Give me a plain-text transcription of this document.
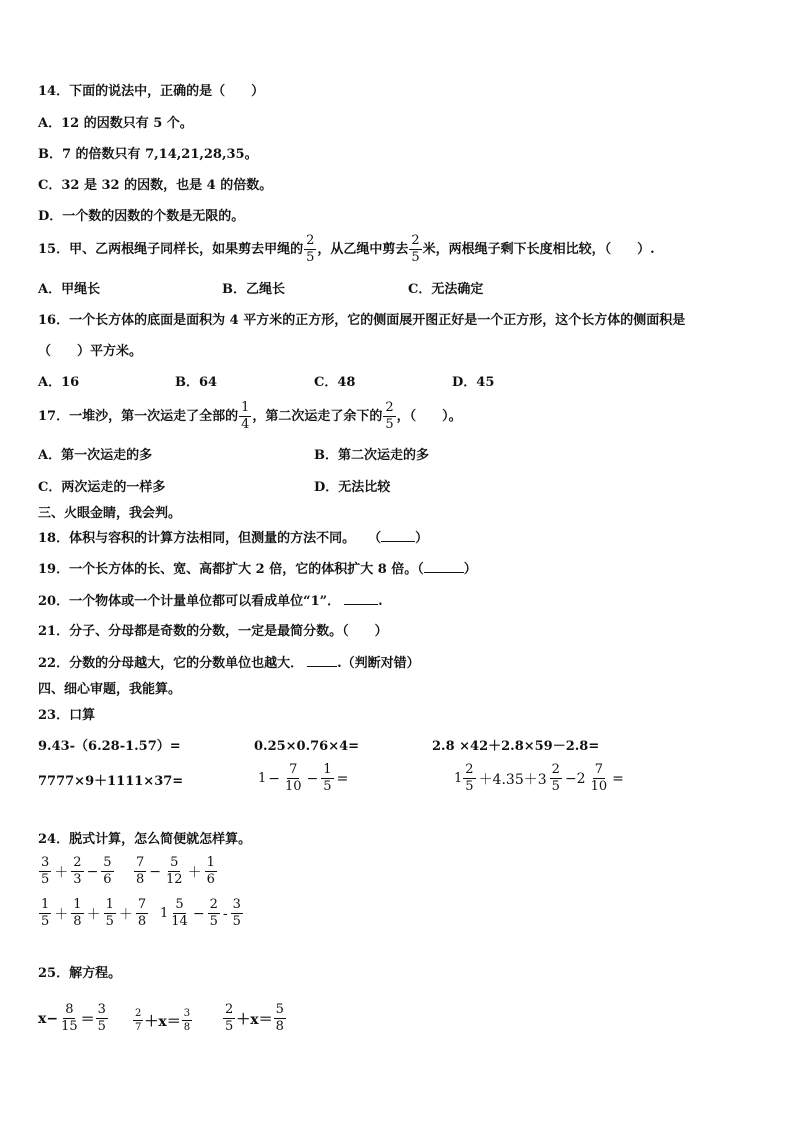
14．下面的说法中，正确的是（　　）
A．12 的因数只有 5 个。
B．7 的倍数只有 7,14,21,28,35。
C．32 是 32 的因数，也是 4 的倍数。
D．一个数的因数的个数是无限的。
15．甲、乙两根绳子同样长，如果剪去甲绳的 $\frac{2}{5}$ ，从乙绳中剪去 $\frac{2}{5}$ 米，两根绳子剩下长度相比较，（　　）.
A．甲绳长	B．乙绳长	C．无法确定
16．一个长方体的底面是面积为 4 平方米的正方形，它的侧面展开图正好是一个正方形，这个长方体的侧面积是
（　　）平方米。
A．16	B．64	C．48	D．45
17．一堆沙，第一次运走了全部的 $\frac{1}{4}$ ，第二次运走了余下的 $\frac{2}{5}$ ，（　　）。
A．第一次运走的多	B．第二次运走的多
C．两次运走的一样多	D．无法比较
三、火眼金睛，我会判。
18．体积与容积的计算方法相同，但测量的方法不同。　　（	）
19．一个长方体的长、宽、高都扩大 2 倍，它的体积扩大 8 倍。（	）
20．一个物体或一个计量单位都可以看成单位“1”．	.
21．分子、分母都是奇数的分数，一定是最简分数。（　　）
22．分数的分母越大，它的分数单位也越大．	.（判断对错）
四、细心审题，我能算。
23．口算
9.43-（6.28-1.57）=	0.25×0.76×4=	2.8 ×42＋2.8×59－2.8=
7777×9＋1111×37=	$1 - \frac{7}{10} - \frac{1}{5}$ =	$1 \frac{2}{5} +4.35+3 \frac{2}{5} -2 \frac{7}{10}$ =
24．脱式计算，怎么简便就怎样算。
$\frac{3}{5} + \frac{2}{3} - \frac{5}{6} \frac{7}{8} - \frac{5}{12} + \frac{1}{6}$
$\frac{1}{5} + \frac{1}{8} + \frac{1}{5} + \frac{7}{8} 1 \frac{5}{14} - \frac{2}{5} - \frac{3}{5}$
25．解方程。
$x- \frac{8}{15} = \frac{3}{5}$	$\frac{2}{7} +x= \frac{3}{8} \frac{2}{5} +x= \frac{5}{8}$
